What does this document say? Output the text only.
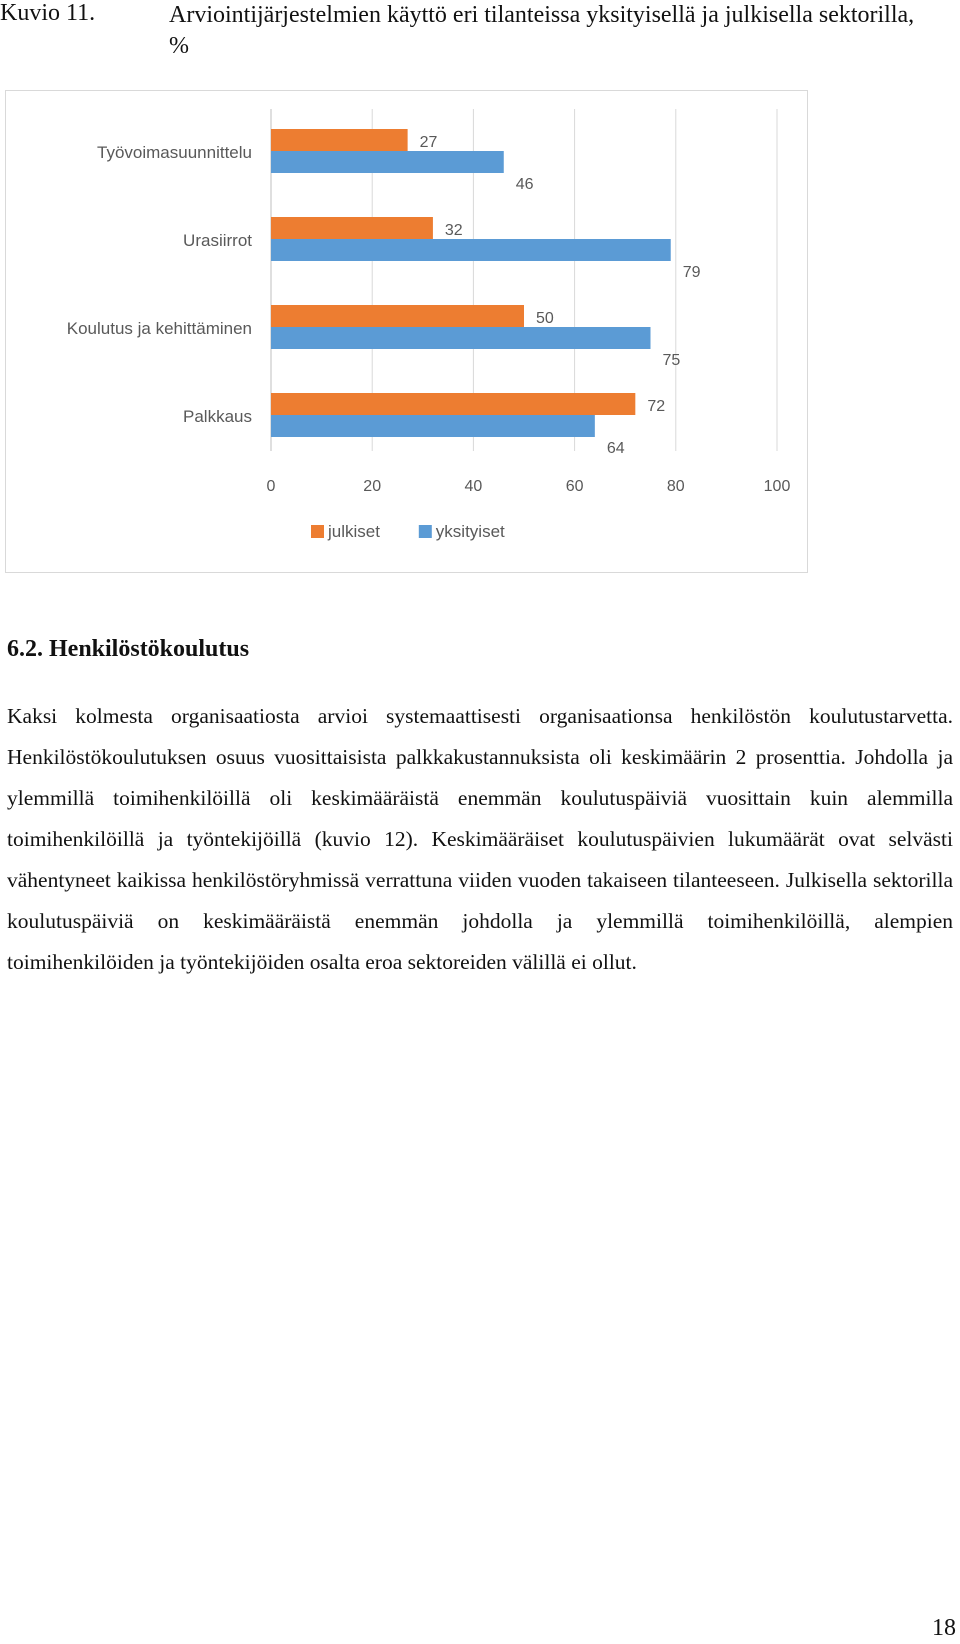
Kuvio 11.	Arviointijärjestelmien käyttö eri tilanteissa yksityisellä ja julkisella sektorilla, %
0	20	40	60	80	100
Työvoimasuunnittelu
27
46
Urasiirrot
32
79
Koulutus ja kehittäminen
50
75
Palkkaus
72
64
julkiset	yksityiset
6.2. Henkilöstökoulutus

Kaksi kolmesta organisaatiosta arvioi systemaattisesti organisaationsa henkilöstön koulutustarvetta. Henkilöstökoulutuksen osuus vuosittaisista palkkakustannuksista oli keskimäärin 2 prosenttia. Johdolla ja ylemmillä toimihenkilöillä oli keskimääräistä enemmän koulutuspäiviä vuosittain kuin alemmilla toimihenkilöillä ja työntekijöillä (kuvio 12). Keskimääräiset koulutuspäivien lukumäärät ovat selvästi vähentyneet kaikissa henkilöstöryhmissä verrattuna viiden vuoden takaiseen tilanteeseen. Julkisella sektorilla koulutuspäiviä on keskimääräistä enemmän johdolla ja ylemmillä toimihenkilöillä, alempien toimihenkilöiden ja työntekijöiden osalta eroa sektoreiden välillä ei ollut.

18
